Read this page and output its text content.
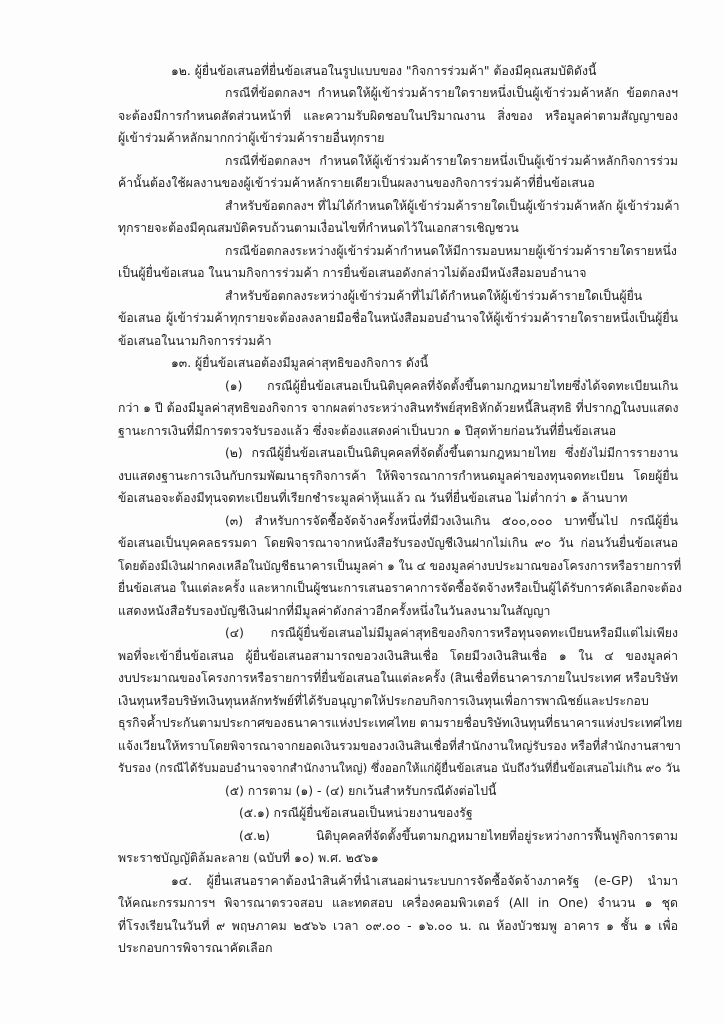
๑๒. ผู้ยื่นข้อเสนอที่ยื่นข้อเสนอในรูปแบบของ "กิจการร่วมค้า" ต้องมีคุณสมบัติดังนี้
กรณีที่ข้อตกลงฯ กำหนดให้ผู้เข้าร่วมค้ารายใดรายหนึ่งเป็นผู้เข้าร่วมค้าหลัก ข้อตกลงฯ
จะต้องมีการกำหนดสัดส่วนหน้าที่ และความรับผิดชอบในปริมาณงาน สิ่งของ หรือมูลค่าตามสัญญาของ
ผู้เข้าร่วมค้าหลักมากกว่าผู้เข้าร่วมค้ารายอื่นทุกราย
กรณีที่ข้อตกลงฯ กำหนดให้ผู้เข้าร่วมค้ารายใดรายหนึ่งเป็นผู้เข้าร่วมค้าหลักกิจการร่วม
ค้านั้นต้องใช้ผลงานของผู้เข้าร่วมค้าหลักรายเดียวเป็นผลงานของกิจการร่วมค้าที่ยื่นข้อเสนอ
สำหรับข้อตกลงฯ ที่ไม่ได้กำหนดให้ผู้เข้าร่วมค้ารายใดเป็นผู้เข้าร่วมค้าหลัก ผู้เข้าร่วมค้า
ทุกรายจะต้องมีคุณสมบัติครบถ้วนตามเงื่อนไขที่กำหนดไว้ในเอกสารเชิญชวน
กรณีข้อตกลงระหว่างผู้เข้าร่วมค้ากำหนดให้มีการมอบหมายผู้เข้าร่วมค้ารายใดรายหนึ่ง
เป็นผู้ยื่นข้อเสนอ ในนามกิจการร่วมค้า การยื่นข้อเสนอดังกล่าวไม่ต้องมีหนังสือมอบอำนาจ
สำหรับข้อตกลงระหว่างผู้เข้าร่วมค้าที่ไม่ได้กำหนดให้ผู้เข้าร่วมค้ารายใดเป็นผู้ยื่น
ข้อเสนอ ผู้เข้าร่วมค้าทุกรายจะต้องลงลายมือชื่อในหนังสือมอบอำนาจให้ผู้เข้าร่วมค้ารายใดรายหนึ่งเป็นผู้ยื่น
ข้อเสนอในนามกิจการร่วมค้า
๑๓. ผู้ยื่นข้อเสนอต้องมีมูลค่าสุทธิของกิจการ ดังนี้
(๑) กรณีผู้ยื่นข้อเสนอเป็นนิติบุคคลที่จัดตั้งขึ้นตามกฎหมายไทยซึ่งได้จดทะเบียนเกิน
กว่า ๑ ปี ต้องมีมูลค่าสุทธิของกิจการ จากผลต่างระหว่างสินทรัพย์สุทธิหักด้วยหนี้สินสุทธิ ที่ปรากฏในงบแสดง
ฐานะการเงินที่มีการตรวจรับรองแล้ว ซึ่งจะต้องแสดงค่าเป็นบวก ๑ ปีสุดท้ายก่อนวันที่ยื่นข้อเสนอ
(๒) กรณีผู้ยื่นข้อเสนอเป็นนิติบุคคลที่จัดตั้งขึ้นตามกฎหมายไทย ซึ่งยังไม่มีการรายงาน
งบแสดงฐานะการเงินกับกรมพัฒนาธุรกิจการค้า ให้พิจารณาการกำหนดมูลค่าของทุนจดทะเบียน โดยผู้ยื่น
ข้อเสนอจะต้องมีทุนจดทะเบียนที่เรียกชำระมูลค่าหุ้นแล้ว ณ วันที่ยื่นข้อเสนอ ไม่ต่ำกว่า ๑ ล้านบาท
(๓) สำหรับการจัดซื้อจัดจ้างครั้งหนึ่งที่มีวงเงินเกิน ๕๐๐,๐๐๐ บาทขึ้นไป กรณีผู้ยื่น
ข้อเสนอเป็นบุคคลธรรมดา โดยพิจารณาจากหนังสือรับรองบัญชีเงินฝากไม่เกิน ๙๐ วัน ก่อนวันยื่นข้อเสนอ
โดยต้องมีเงินฝากคงเหลือในบัญชีธนาคารเป็นมูลค่า ๑ ใน ๔ ของมูลค่างบประมาณของโครงการหรือรายการที่
ยื่นข้อเสนอ ในแต่ละครั้ง และหากเป็นผู้ชนะการเสนอราคาการจัดซื้อจัดจ้างหรือเป็นผู้ได้รับการคัดเลือกจะต้อง
แสดงหนังสือรับรองบัญชีเงินฝากที่มีมูลค่าดังกล่าวอีกครั้งหนึ่งในวันลงนามในสัญญา
(๔) กรณีผู้ยื่นข้อเสนอไม่มีมูลค่าสุทธิของกิจการหรือทุนจดทะเบียนหรือมีแต่ไม่เพียง
พอที่จะเข้ายื่นข้อเสนอ ผู้ยื่นข้อเสนอสามารถขอวงเงินสินเชื่อ โดยมีวงเงินสินเชื่อ ๑ ใน ๔ ของมูลค่า
งบประมาณของโครงการหรือรายการที่ยื่นข้อเสนอในแต่ละครั้ง (สินเชื่อที่ธนาคารภายในประเทศ หรือบริษัท
เงินทุนหรือบริษัทเงินทุนหลักทรัพย์ที่ได้รับอนุญาตให้ประกอบกิจการเงินทุนเพื่อการพาณิชย์และประกอบ
ธุรกิจค้ำประกันตามประกาศของธนาคารแห่งประเทศไทย ตามรายชื่อบริษัทเงินทุนที่ธนาคารแห่งประเทศไทย
แจ้งเวียนให้ทราบโดยพิจารณาจากยอดเงินรวมของวงเงินสินเชื่อที่สำนักงานใหญ่รับรอง หรือที่สำนักงานสาขา
รับรอง (กรณีได้รับมอบอำนาจจากสำนักงานใหญ่) ซึ่งออกให้แก่ผู้ยื่นข้อเสนอ นับถึงวันที่ยื่นข้อเสนอไม่เกิน ๙๐ วัน
(๕) การตาม (๑) - (๔) ยกเว้นสำหรับกรณีดังต่อไปนี้
(๕.๑) กรณีผู้ยื่นข้อเสนอเป็นหน่วยงานของรัฐ
(๕.๒) นิติบุคคลที่จัดตั้งขึ้นตามกฎหมายไทยที่อยู่ระหว่างการฟื้นฟูกิจการตาม
พระราชบัญญัติล้มละลาย (ฉบับที่ ๑๐) พ.ศ. ๒๕๖๑
๑๔. ผู้ยื่นเสนอราคาต้องนำสินค้าที่นำเสนอผ่านระบบการจัดซื้อจัดจ้างภาครัฐ (e-GP) นำมา
ให้คณะกรรมการฯ พิจารณาตรวจสอบ และทดสอบ เครื่องคอมพิวเตอร์ (All in One) จำนวน ๑ ชุด
ที่โรงเรียนในวันที่ ๙ พฤษภาคม ๒๕๖๖ เวลา ๐๙.๐๐ - ๑๖.๐๐ น. ณ ห้องบัวชมพู อาคาร ๑ ชั้น ๑ เพื่อ
ประกอบการพิจารณาคัดเลือก
